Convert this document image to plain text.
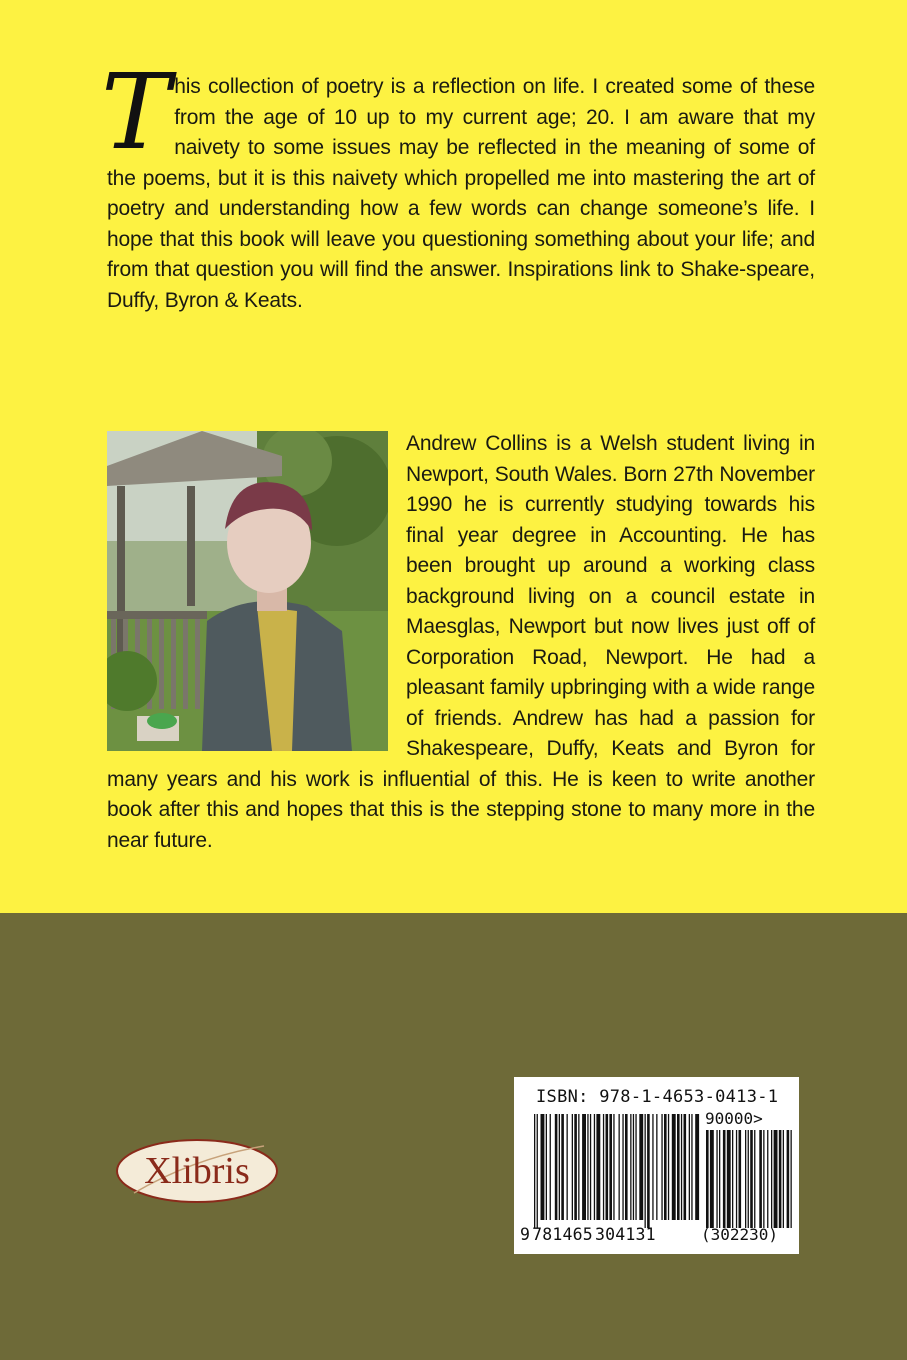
This collection of poetry is a reflection on life. I created some of these from the age of 10 up to my current age; 20. I am aware that my naivety to some issues may be reflected in the meaning of some of the poems, but it is this naivety which propelled me into mastering the art of poetry and understanding how a few words can change someone’s life. I hope that this book will leave you questioning something about your life; and from that question you will find the answer. Inspirations link to Shake-speare, Duffy, Byron & Keats.
Andrew Collins is a Welsh student living in Newport, South Wales. Born 27th November 1990 he is currently studying towards his final year degree in Accounting. He has been brought up around a working class background living on a council estate in Maesglas, Newport but now lives just off of Corporation Road, Newport. He had a pleasant family upbringing with a wide range of friends. Andrew has had a passion for Shakespeare, Duffy, Keats and Byron for many years and his work is influential of this. He is keen to write another book after this and hopes that this is the stepping stone to many more in the near future.
Xlibris
ISBN: 978-1-4653-0413-1
90000>
9 781465 304131	(302230)
